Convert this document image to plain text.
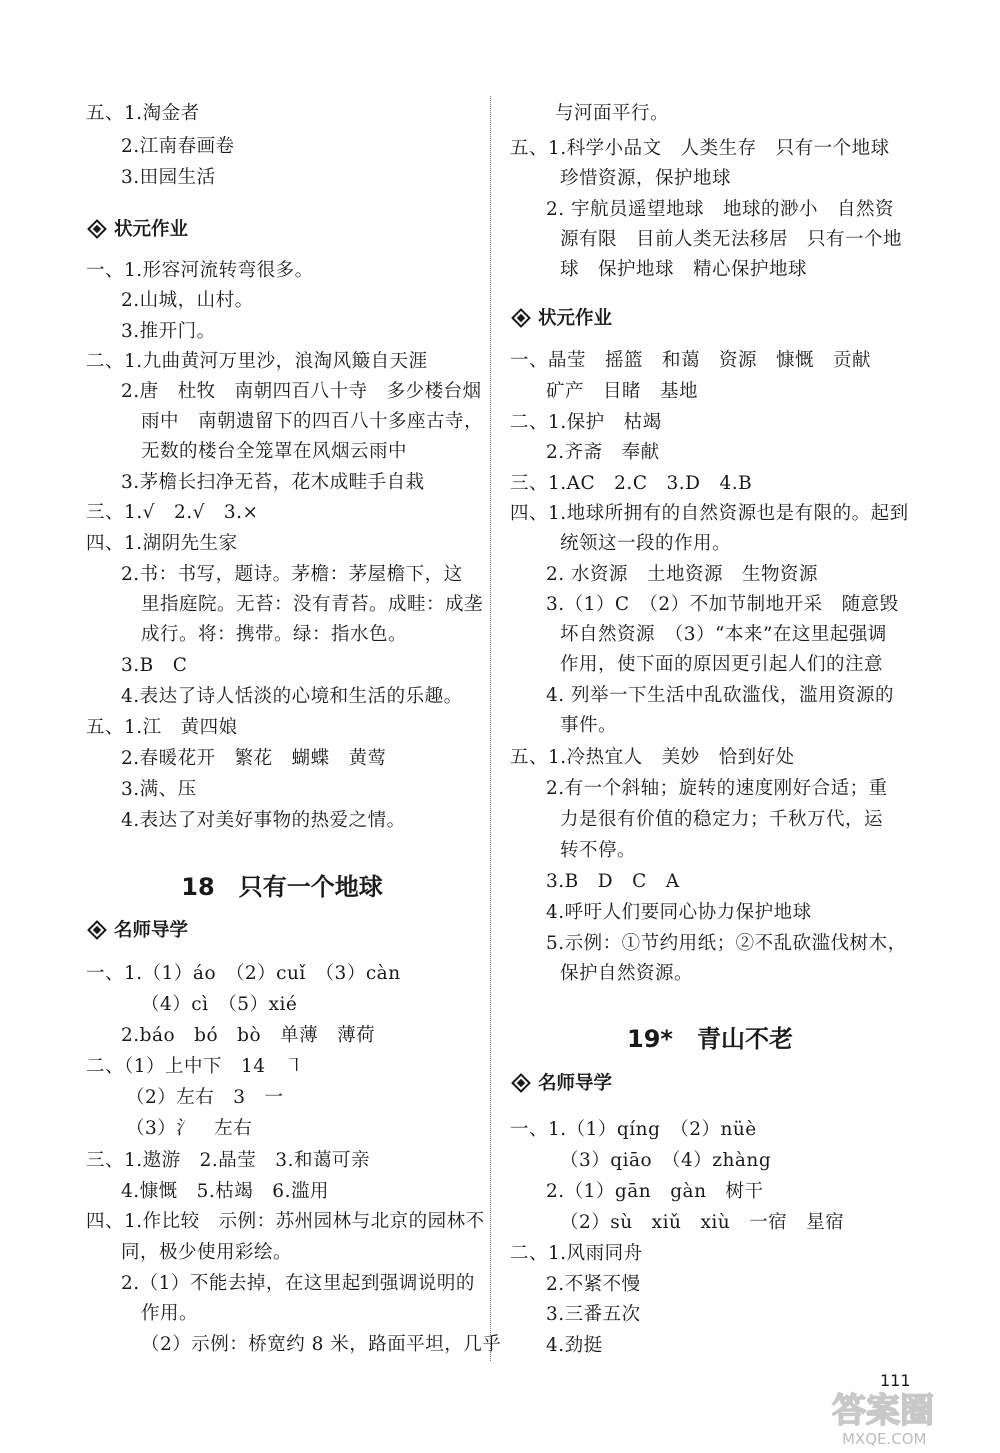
五、1.淘金者
2.江南春画卷
3.田园生活
状元作业
一、1.形容河流转弯很多。
2.山城，山村。
3.推开门。
二、1.九曲黄河万里沙，浪淘风簸自天涯
2.唐　杜牧　南朝四百八十寺　多少楼台烟
雨中　南朝遗留下的四百八十多座古寺，
无数的楼台全笼罩在风烟云雨中
3.茅檐长扫净无苔，花木成畦手自栽
三、1.√　2.√　3.×
四、1.湖阴先生家
2.书：书写，题诗。茅檐：茅屋檐下，这
里指庭院。无苔：没有青苔。成畦：成垄
成行。将：携带。绿：指水色。
3.B　C
4.表达了诗人恬淡的心境和生活的乐趣。
五、1.江　黄四娘
2.春暖花开　繁花　蝴蝶　黄莺
3.满、压
4.表达了对美好事物的热爱之情。
18　只有一个地球
名师导学
一、1.（1）áo　（2）cuǐ　（3）càn
（4）cì　（5）xié
2.báo　bó　bò　单薄　薄荷
二、（1）上中下　14　㇕
（2）左右　3　一
（3）氵　左右
三、1.遨游　2.晶莹　3.和蔼可亲
4.慷慨　5.枯竭　6.滥用
四、1.作比较　示例：苏州园林与北京的园林不
同，极少使用彩绘。
2.（1）不能去掉，在这里起到强调说明的
作用。
（2）示例：桥宽约 8 米，路面平坦，几乎
与河面平行。
五、1.科学小品文　人类生存　只有一个地球
珍惜资源，保护地球
2. 宇航员遥望地球　地球的渺小　自然资
源有限　目前人类无法移居　只有一个地
球　保护地球　精心保护地球
状元作业
一、晶莹　摇篮　和蔼　资源　慷慨　贡献
矿产　目睹　基地
二、1.保护　枯竭
2.齐斋　奉献
三、1.AC　2.C　3.D　4.B
四、1.地球所拥有的自然资源也是有限的。起到
统领这一段的作用。
2. 水资源　土地资源　生物资源
3.（1）C　（2）不加节制地开采　随意毁
坏自然资源　（3）“本来”在这里起强调
作用，使下面的原因更引起人们的注意
4. 列举一下生活中乱砍滥伐，滥用资源的
事件。
五、1.冷热宜人　美妙　恰到好处
2.有一个斜轴；旋转的速度刚好合适；重
力是很有价值的稳定力；千秋万代，运
转不停。
3.B　D　C　A
4.呼吁人们要同心协力保护地球
5.示例：①节约用纸；②不乱砍滥伐树木，
保护自然资源。
19*　青山不老
名师导学
一、1.（1）qíng　（2）nüè
（3）qiāo　（4）zhàng
2.（1）gān　gàn　树干
（2）sù　xiǔ　xiù　一宿　星宿
二、1.风雨同舟
2.不紧不慢
3.三番五次
4.劲挺
111
答案圈
MXQE.COM
